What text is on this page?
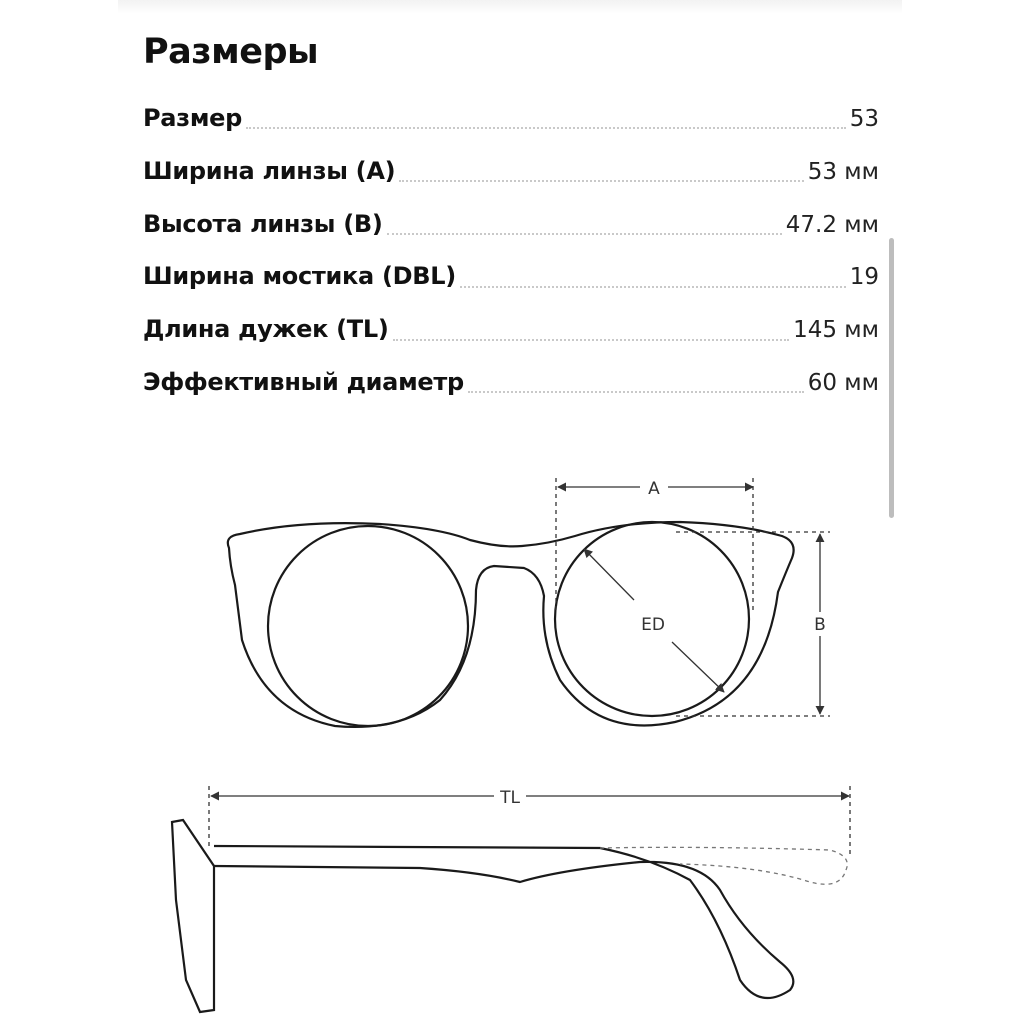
Размеры
Размер	53
Ширина линзы (A)	53 мм
Высота линзы (B)	47.2 мм
Ширина мостика (DBL)	19
Длина дужек (TL)	145 мм
Эффективный диаметр	60 мм
A
B
ED
TL
